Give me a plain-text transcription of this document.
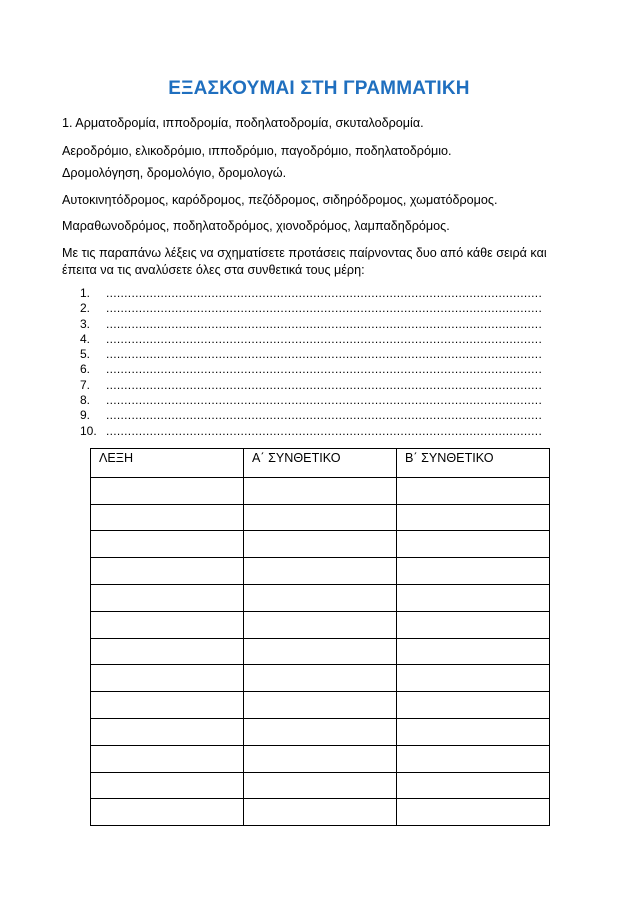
ΕΞΑΣΚΟΥΜΑΙ ΣΤΗ ΓΡΑΜΜΑΤΙΚΗ
1. Αρματοδρομία, ιπποδρομία, ποδηλατοδρομία, σκυταλοδρομία.
Αεροδρόμιο, ελικοδρόμιο, ιπποδρόμιο, παγοδρόμιο, ποδηλατοδρόμιο.
Δρομολόγηση, δρομολόγιο, δρομολογώ.
Αυτοκινητόδρομος, καρόδρομος, πεζόδρομος, σιδηρόδρομος, χωματόδρομος.
Μαραθωνοδρόμος, ποδηλατοδρόμος, χιονοδρόμος, λαμπαδηδρόμος.
Με τις παραπάνω λέξεις να σχηματίσετε προτάσεις παίρνοντας δυο από κάθε σειρά και έπειτα να τις αναλύσετε όλες στα συνθετικά τους μέρη:
1.	........................................................................................................................
2.	........................................................................................................................
3.	........................................................................................................................
4.	........................................................................................................................
5.	........................................................................................................................
6.	........................................................................................................................
7.	........................................................................................................................
8.	........................................................................................................................
9.	........................................................................................................................
10. ........................................................................................................................
ΛΕΞΗ	Α΄ ΣΥΝΘΕΤΙΚΟ	Β΄ ΣΥΝΘΕΤΙΚΟ
